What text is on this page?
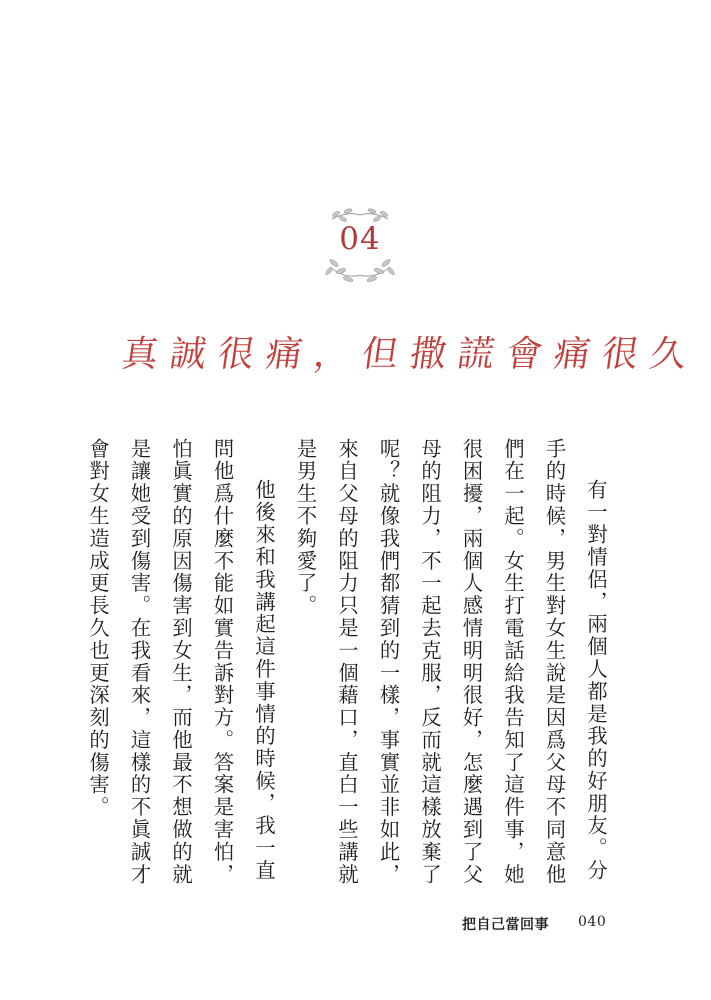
04
真誠很痛，但撒謊會痛很久

有一對情侶，兩個人都是我的好朋友。分手的時候，男生對女生說是因爲父母不同意他們在一起。女生打電話給我告知了這件事，她很困擾，兩個人感情明明很好，怎麼遇到了父母的阻力，不一起去克服，反而就這樣放棄了呢？就像我們都猜到的一樣，事實並非如此，來自父母的阻力只是一個藉口，直白一些講就是男生不夠愛了。

他後來和我講起這件事情的時候，我一直問他爲什麼不能如實告訴對方。答案是害怕，怕眞實的原因傷害到女生，而他最不想做的就是讓她受到傷害。在我看來，這樣的不眞誠才會對女生造成更長久也更深刻的傷害。

把自己當回事 040
